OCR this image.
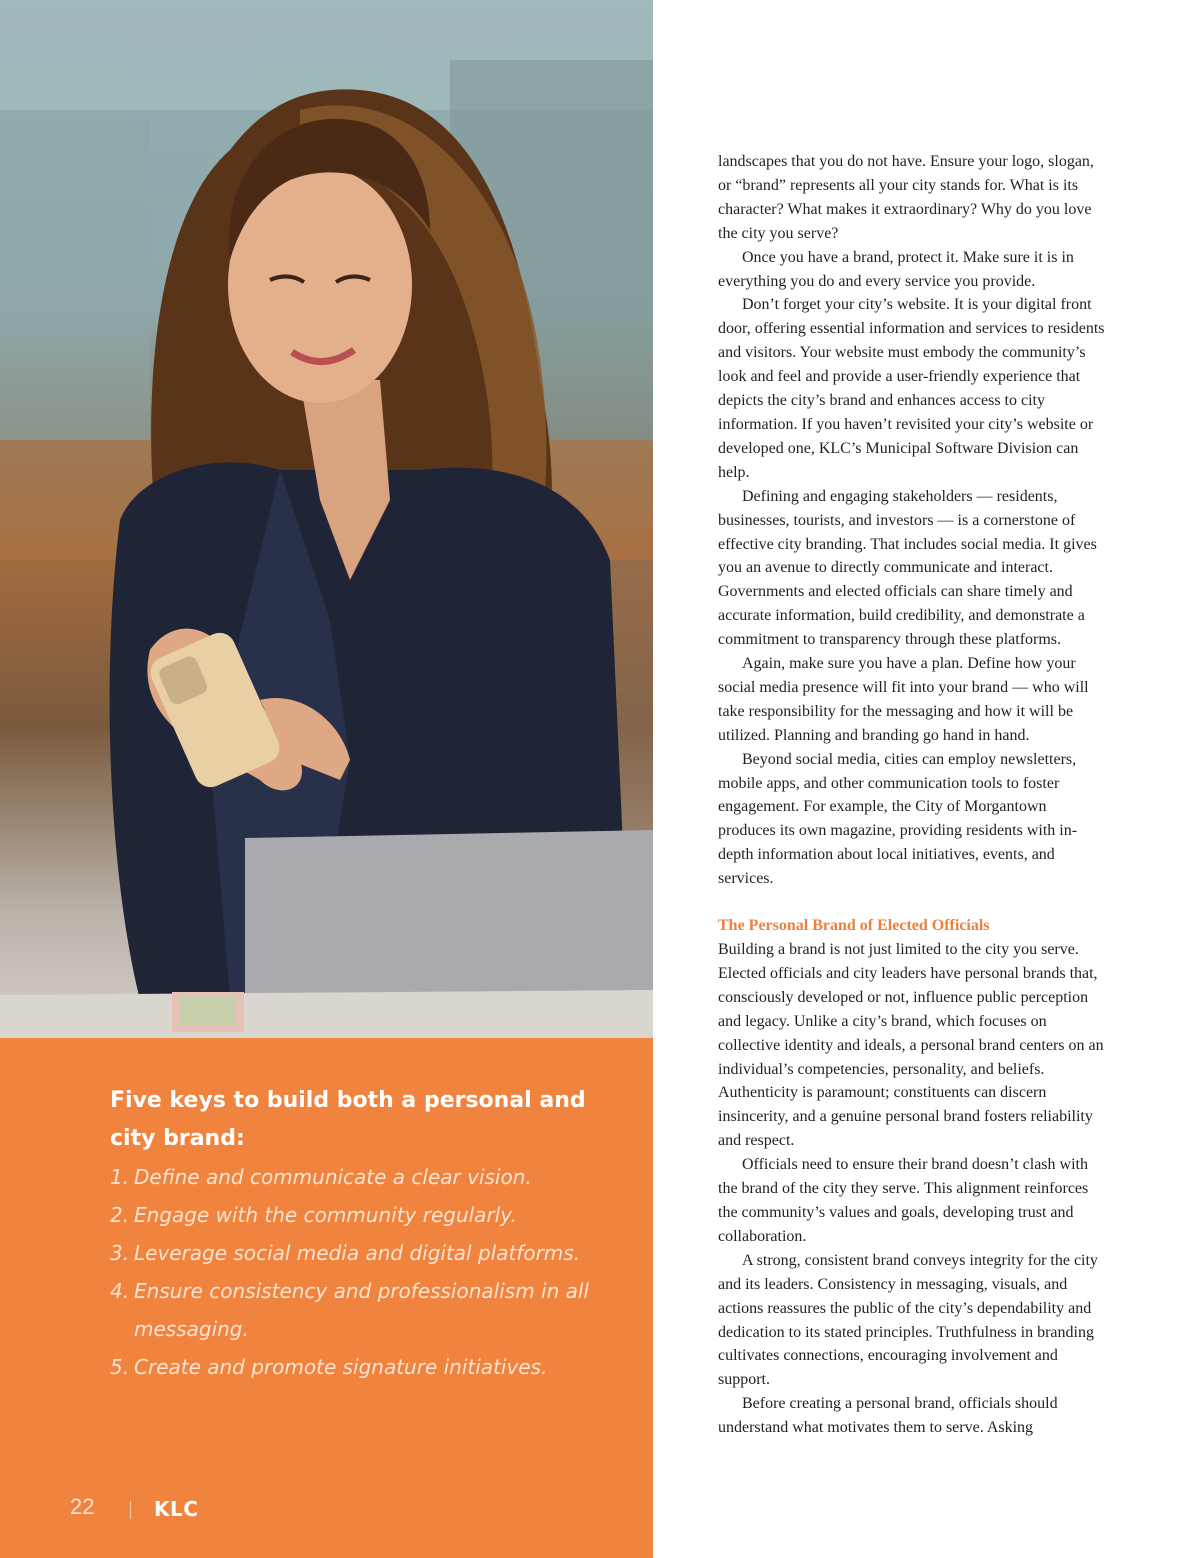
Five keys to build both a personal and city brand:
1. Define and communicate a clear vision.
2. Engage with the community regularly.
3. Leverage social media and digital platforms.
4. Ensure consistency and professionalism in all messaging.
5. Create and promote signature initiatives.
22	KLC

landscapes that you do not have. Ensure your logo, slogan, or “brand” represents all your city stands for. What is its character? What makes it extraordinary? Why do you love the city you serve?

Once you have a brand, protect it. Make sure it is in everything you do and every service you provide.

Don’t forget your city’s website. It is your digital front door, offering essential information and services to residents and visitors. Your website must embody the community’s look and feel and provide a user-friendly experience that depicts the city’s brand and enhances access to city information. If you haven’t revisited your city’s website or developed one, KLC’s Municipal Software Division can help.

Defining and engaging stakeholders — residents, businesses, tourists, and investors — is a cornerstone of effective city branding. That includes social media. It gives you an avenue to directly communicate and interact. Governments and elected officials can share timely and accurate information, build credibility, and demonstrate a commitment to transparency through these platforms.

Again, make sure you have a plan. Define how your social media presence will fit into your brand — who will take responsibility for the messaging and how it will be utilized. Planning and branding go hand in hand.

Beyond social media, cities can employ newsletters, mobile apps, and other communication tools to foster engagement. For example, the City of Morgantown produces its own magazine, providing residents with in-depth information about local initiatives, events, and services.

The Personal Brand of Elected Officials

Building a brand is not just limited to the city you serve. Elected officials and city leaders have personal brands that, consciously developed or not, influence public perception and legacy. Unlike a city’s brand, which focuses on collective identity and ideals, a personal brand centers on an individual’s competencies, personality, and beliefs. Authenticity is paramount; constituents can discern insincerity, and a genuine personal brand fosters reliability and respect.

Officials need to ensure their brand doesn’t clash with the brand of the city they serve. This alignment reinforces the community’s values and goals, developing trust and collaboration.

A strong, consistent brand conveys integrity for the city and its leaders. Consistency in messaging, visuals, and actions reassures the public of the city’s dependability and dedication to its stated principles. Truthfulness in branding cultivates connections, encouraging involvement and support.

Before creating a personal brand, officials should understand what motivates them to serve. Asking
